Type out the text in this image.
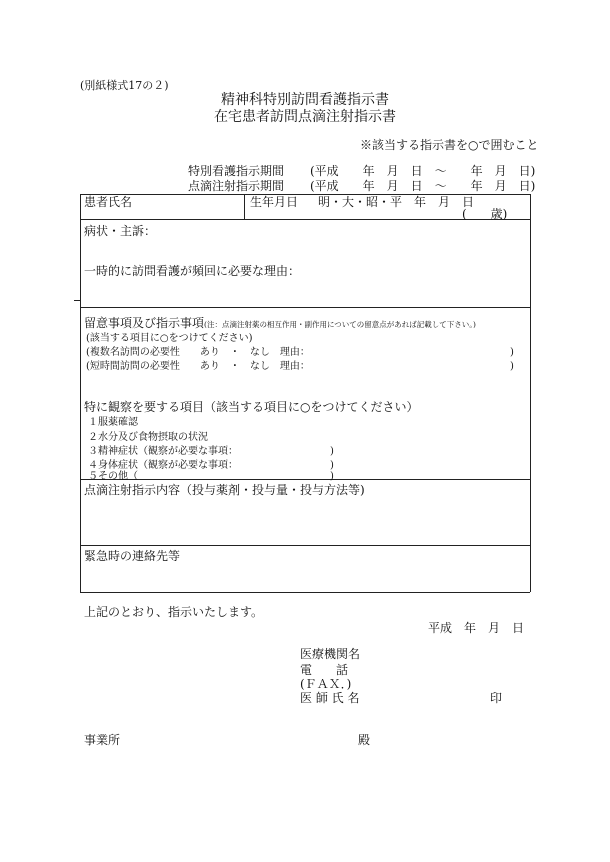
(別紙様式17の２)
精神科特別訪問看護指示書
在宅患者訪問点滴注射指示書
※該当する指示書を○で囲むこと
特別看護指示期間 (平成　　年　月　日　〜　　年　月　日)
点滴注射指示期間 (平成　　年　月　日　〜　　年　月　日)
患者氏名	生年月日 明・大・昭・平　年　月　日
(　　歳)
病状・主訴：
一時的に訪問看護が頻回に必要な理由：
留意事項及び指示事項(注：点滴注射薬の相互作用・副作用についての留意点があれば記載して下さい。)
(該当する項目に○をつけてください)
(複数名訪問の必要性　　あり　・　なし　理由：	)
(短時間訪問の必要性　　あり　・　なし　理由：	)
特に観察を要する項目（該当する項目に○をつけてください）
１服薬確認
２水分及び食物摂取の状況
３精神症状（観察が必要な事項：	)
４身体症状（観察が必要な事項：	)
５その他（	)
点滴注射指示内容（投与薬剤・投与量・投与方法等)
緊急時の連絡先等
上記のとおり、指示いたします。
平成　年　月　日
医療機関名
電　　話
(ＦＡＸ．)
医 師 氏 名	印
事業所	殿
